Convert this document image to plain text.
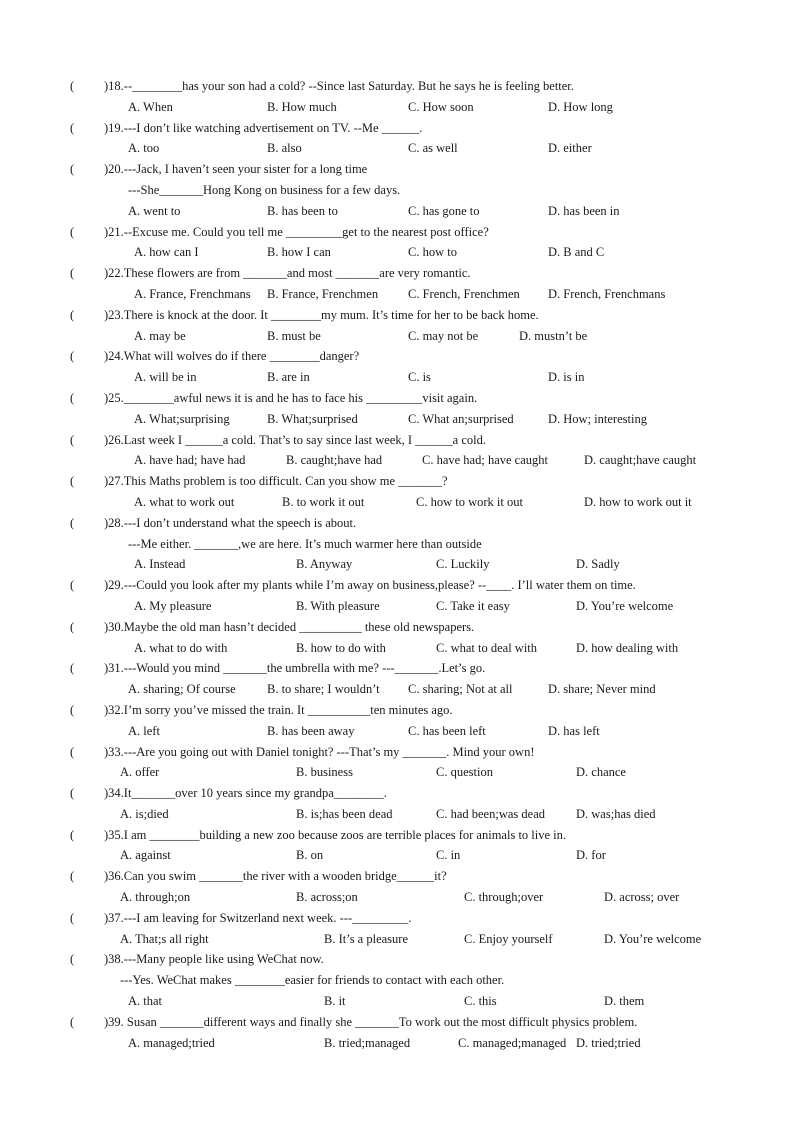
( )18.--________has your son had a cold? --Since last Saturday. But he says he is feeling better.
A. When	B. How much	C. How soon	D. How long
( )19.---I don’t like watching advertisement on TV. --Me ______.
A. too	B. also	C. as well	D. either
( )20.---Jack, I haven’t seen your sister for a long time
---She_______Hong Kong on business for a few days.
A. went to	B. has been to	C. has gone to	D. has been in
( )21.--Excuse me. Could you tell me _________get to the nearest post office?
A. how can I	B. how I can	C. how to	D. B and C
( )22.These flowers are from _______and most _______are very romantic.
A. France, Frenchmans B. France, Frenchmen C. French, Frenchmen D. French, Frenchmans
( )23.There is knock at the door. It ________my mum. It’s time for her to be back home.
A. may be	B. must be	C. may not be	D. mustn’t be
( )24.What will wolves do if there ________danger?
A. will be in	B. are in	C. is	D. is in
( )25.________awful news it is and he has to face his _________visit again.
A. What;surprising	B. What;surprised	C. What an;surprised	D. How; interesting
( )26.Last week I ______a cold. That’s to say since last week, I ______a cold.
A. have had; have had	B. caught;have had	C. have had; have caught	D. caught;have caught
( )27.This Maths problem is too difficult. Can you show me _______?
A. what to work out	B. to work it out	C. how to work it out	D. how to work out it
( )28.---I don’t understand what the speech is about.
---Me either. _______,we are here. It’s much warmer here than outside
A. Instead	B. Anyway	C. Luckily	D. Sadly
( )29.---Could you look after my plants while I’m away on business,please? --____. I’ll water them on time.
A. My pleasure	B. With pleasure	C. Take it easy	D. You’re welcome
( )30.Maybe the old man hasn’t decided __________ these old newspapers.
A. what to do with	B. how to do with	C. what to deal with	D. how dealing with
( )31.---Would you mind _______the umbrella with me? ---_______.Let’s go.
A. sharing; Of course	B. to share; I wouldn’t C. sharing; Not at all	D. share; Never mind
( )32.I’m sorry you’ve missed the train. It __________ten minutes ago.
A. left	B. has been away	C. has been left	D. has left
( )33.---Are you going out with Daniel tonight? ---That’s my _______. Mind your own!
A. offer	B. business	C. question	D. chance
( )34.It_______over 10 years since my grandpa________.
A. is;died	B. is;has been dead	C. had been;was dead D. was;has died
( )35.I am ________building a new zoo because zoos are terrible places for animals to live in.
A. against	B. on	C. in	D. for
( )36.Can you swim _______the river with a wooden bridge______it?
A. through;on	B. across;on	C. through;over	D. across; over
( )37.---I am leaving for Switzerland next week. ---_________.
A. That;s all right	B. It’s a pleasure	C. Enjoy yourself	D. You’re welcome
( )38.---Many people like using WeChat now.
---Yes. WeChat makes ________easier for friends to contact with each other.
A. that	B. it	C. this	D. them
( )39. Susan _______different ways and finally she _______To work out the most difficult physics problem.
A. managed;tried	B. tried;managed	C. managed;managed D. tried;tried
